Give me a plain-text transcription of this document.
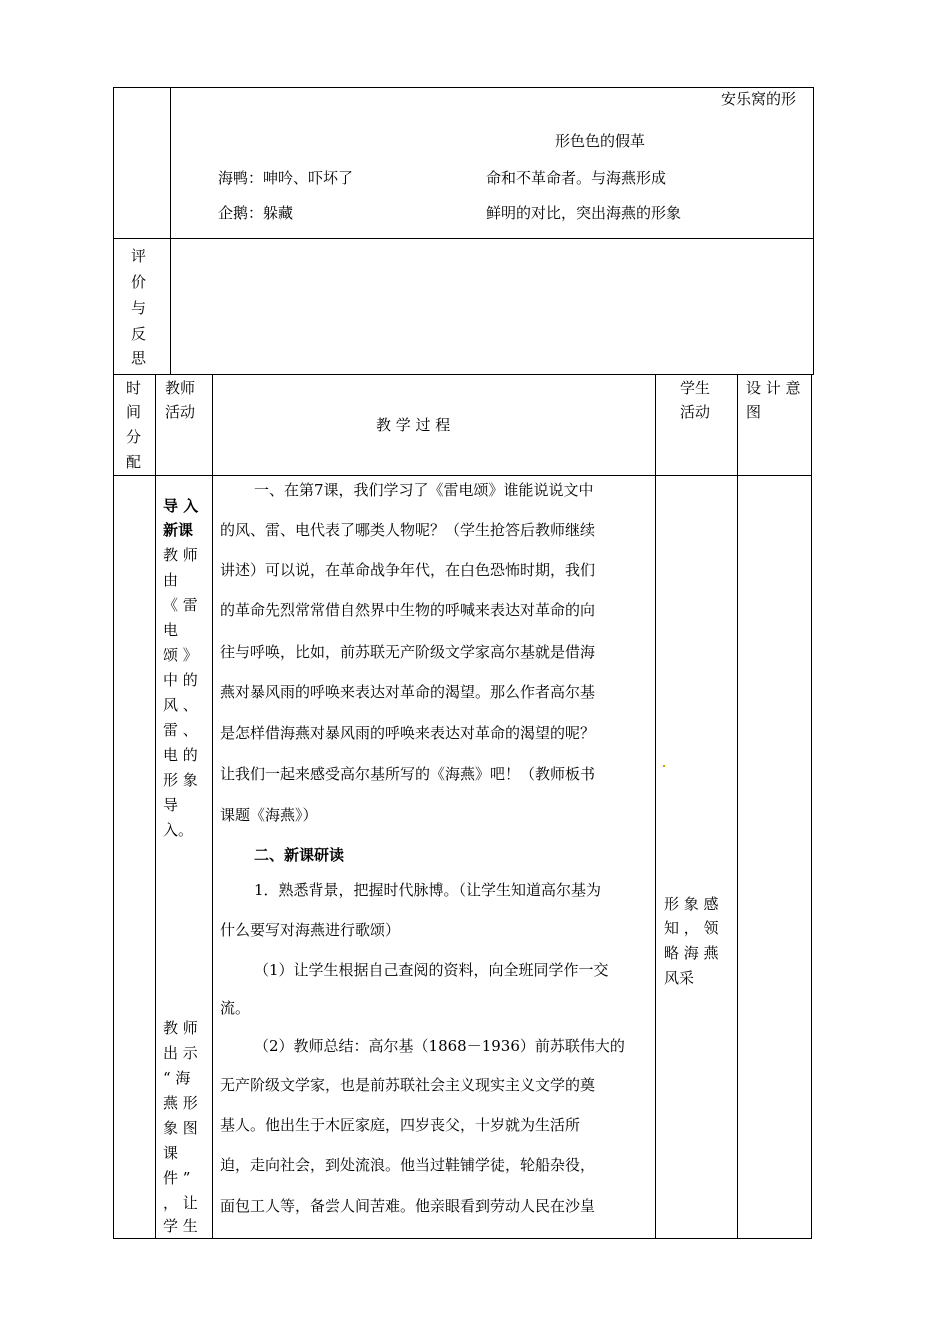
安乐窝的形
形色色的假革
海鸭：呻吟、吓坏了	命和不革命者。与海燕形成
企鹅：躲藏	鲜明的对比，突出海燕的形象
评
价
与
反
思
时
间
分
配
教师
活动
教 学 过 程
学生
活动
设 计 意
图
导 入
新课
教 师
由
《 雷
电
颂 》
中 的
风 、
雷 、
电 的
形 象
导
入。
教 师
出 示
“ 海
燕 形
象 图
课
件 ”
， 让
学 生
一、在第7课，我们学习了《雷电颂》谁能说说文中
的风、雷、电代表了哪类人物呢？（学生抢答后教师继续
讲述）可以说，在革命战争年代，在白色恐怖时期，我们
的革命先烈常常借自然界中生物的呼喊来表达对革命的向
往与呼唤，比如，前苏联无产阶级文学家高尔基就是借海
燕对暴风雨的呼唤来表达对革命的渴望。那么作者高尔基
是怎样借海燕对暴风雨的呼唤来表达对革命的渴望的呢？
让我们一起来感受高尔基所写的《海燕》吧！（教师板书
课题《海燕》）
二、新课研读
1．熟悉背景，把握时代脉博。（让学生知道高尔基为
什么要写对海燕进行歌颂）
（1）让学生根据自己查阅的资料，向全班同学作一交
流。
（2）教师总结：高尔基（1868－1936）前苏联伟大的
无产阶级文学家，也是前苏联社会主义现实主义文学的奠
基人。他出生于木匠家庭，四岁丧父，十岁就为生活所
迫，走向社会，到处流浪。他当过鞋铺学徒，轮船杂役，
面包工人等，备尝人间苦难。他亲眼看到劳动人民在沙皇
形 象 感
知 ， 领
略 海 燕
风采
